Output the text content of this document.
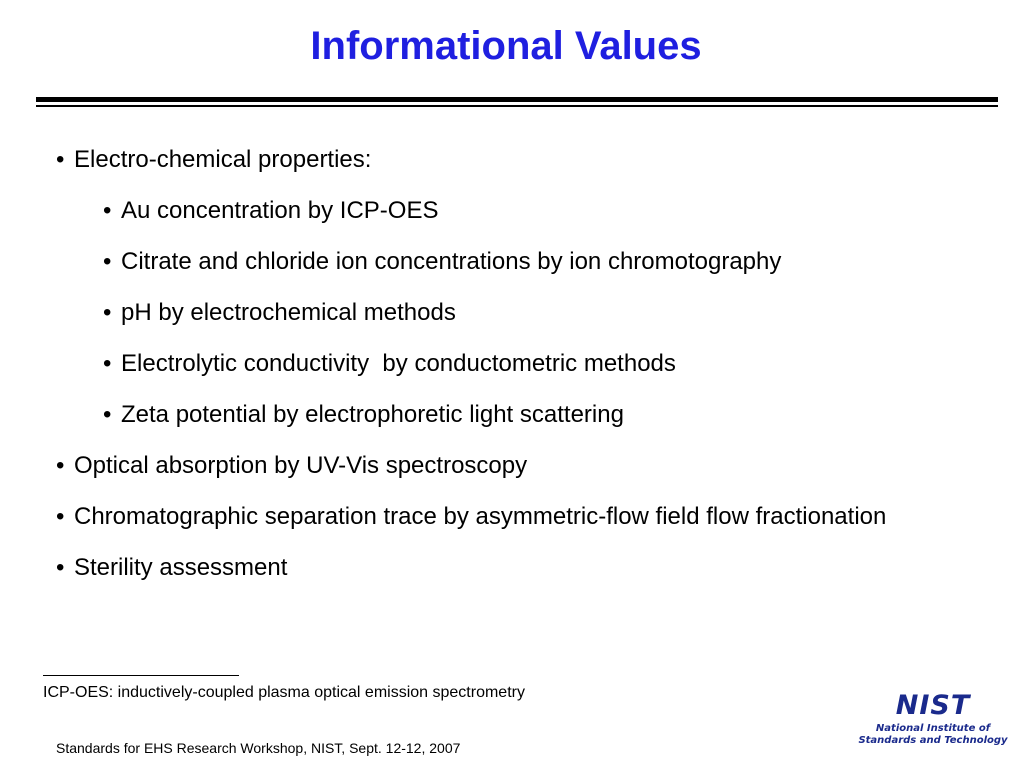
Informational Values
• Electro-chemical properties:
• Au concentration by ICP-OES
• Citrate and chloride ion concentrations by ion chromotography
• pH by electrochemical methods
• Electrolytic conductivity  by conductometric methods
• Zeta potential by electrophoretic light scattering
• Optical absorption by UV-Vis spectroscopy
• Chromatographic separation trace by asymmetric-flow field flow fractionation
• Sterility assessment
ICP-OES: inductively-coupled plasma optical emission spectrometry
Standards for EHS Research Workshop, NIST, Sept. 12-12, 2007
NIST
National Institute of
Standards and Technology
